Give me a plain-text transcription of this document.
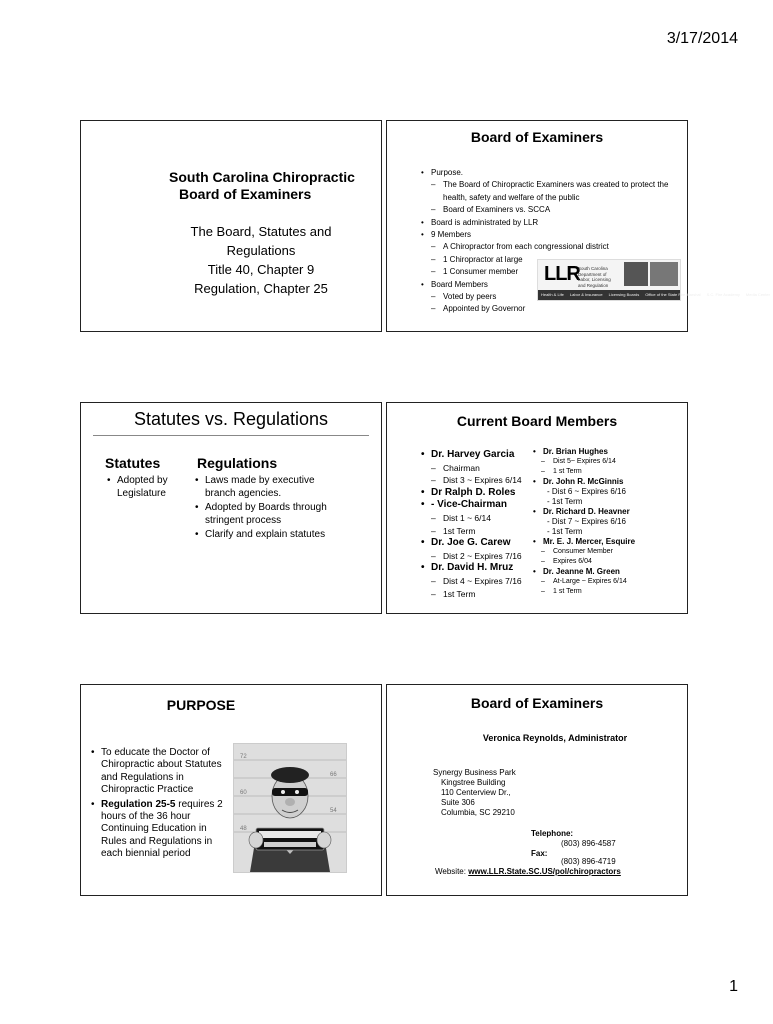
3/17/2014
South Carolina Chiropractic
Board of Examiners
The Board, Statutes and
Regulations
Title 40, Chapter 9
Regulation, Chapter 25
Board of Examiners
• Purpose.
– The Board of Chiropractic Examiners was created to protect the health, safety and welfare of the public
– Board of Examiners vs. SCCA
• Board is administrated by LLR
• 9 Members
– A Chiropractor from each congressional district
– 1 Chiropractor at large
– 1 Consumer member
• Board Members
– Voted by peers
– Appointed by Governor
LLR
South Carolina Department of Labor, Licensing and Regulation
Health & Life Labor & Insurance Licensing Boards Office of the State Fire Marshal S.C. Fire Academy Media Center
Statutes vs. Regulations
Statutes	Regulations
• Adopted by Legislature
• Laws made by executive branch agencies.
• Adopted by Boards through stringent process
• Clarify and explain statutes
Current Board Members
• Dr. Harvey Garcia
– Chairman
– Dist 3 ~ Expires 6/14
• Dr Ralph D. Roles
• - Vice-Chairman
– Dist 1 ~ 6/14
– 1st Term
• Dr. Joe G. Carew
– Dist 2 ~ Expires 7/16
• Dr. David H. Mruz
– Dist 4 ~ Expires 7/16
– 1st Term
• Dr. Brian Hughes
– Dist 5~ Expires 6/14
– 1 st Term
• Dr. John R. McGinnis
- Dist 6 ~ Expires 6/16
- 1st Term
• Dr. Richard D. Heavner
- Dist 7 ~ Expires 6/16
- 1st Term
• Mr. E. J. Mercer, Esquire
– Consumer Member
– Expires 6/04
• Dr. Jeanne M. Green
– At-Large ~ Expires 6/14
– 1 st Term
PURPOSE
• To educate the Doctor of Chiropractic about Statutes and Regulations in Chiropractic Practice
• Regulation 25-5 requires 2 hours of the 36 hour Continuing Education in Rules and Regulations in each biennial period
72
66
60
54
48
Board of Examiners
Veronica Reynolds, Administrator
Synergy Business Park
Kingstree Building
110 Centerview Dr.,
Suite 306
Columbia, SC 29210
Telephone:
(803) 896-4587
Fax:
(803) 896-4719
Website: www.LLR.State.SC.US/pol/chiropractors
1
